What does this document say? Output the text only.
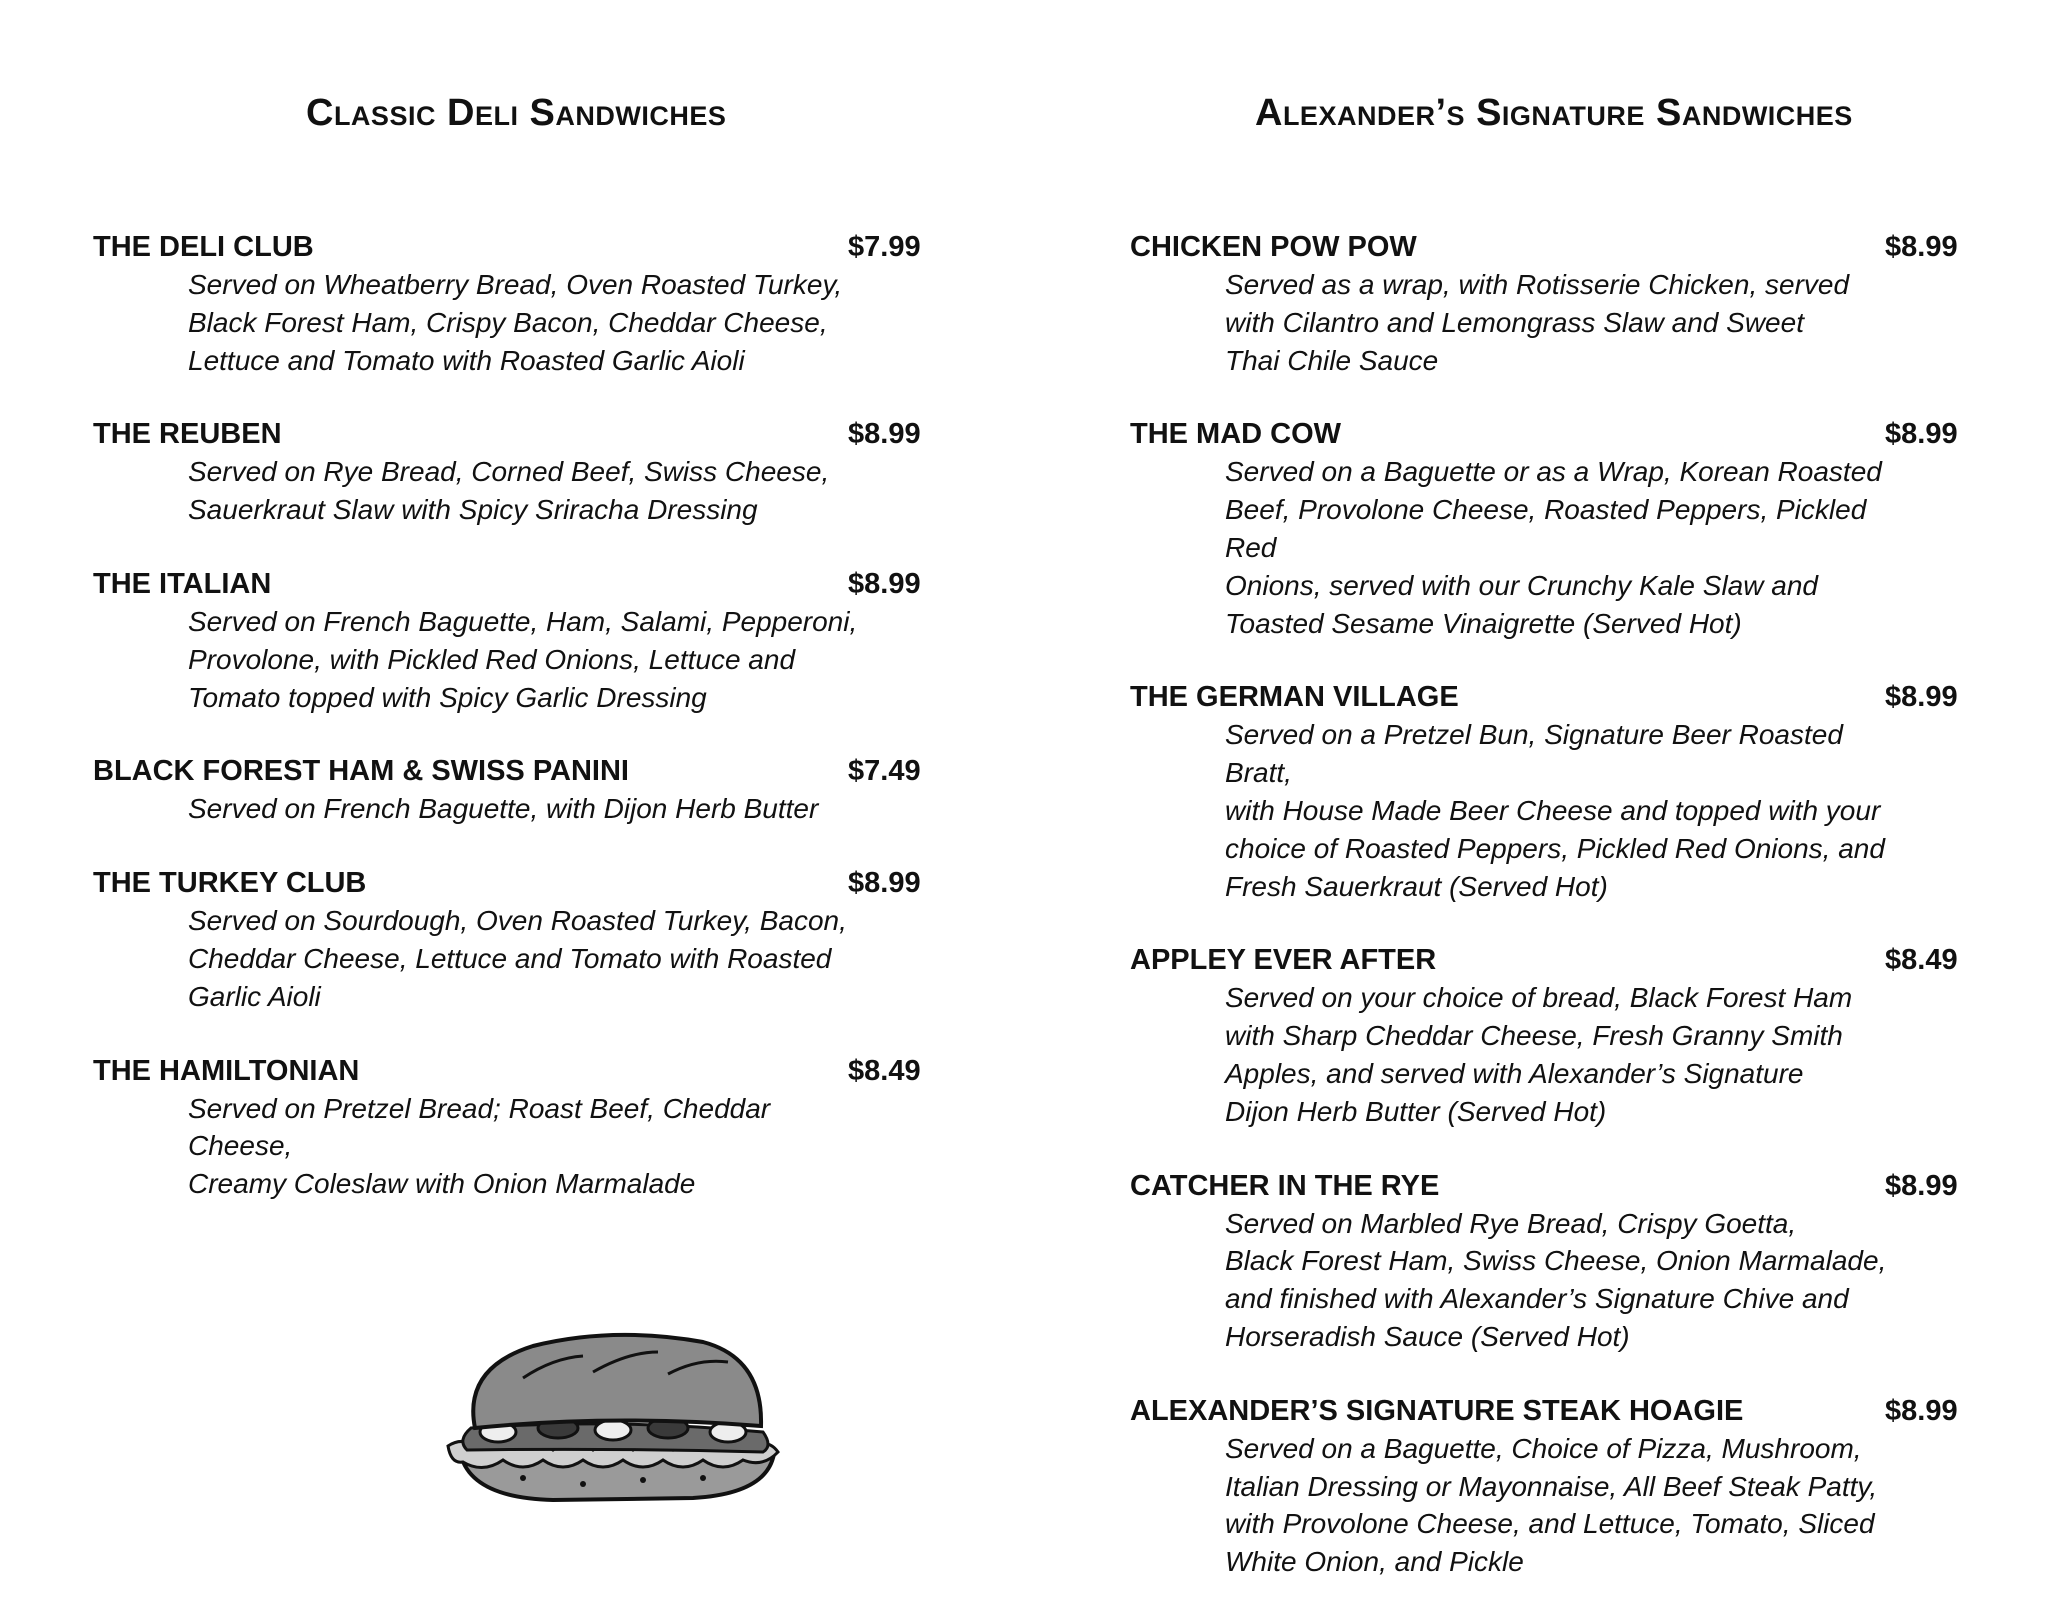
Classic Deli Sandwiches
THE DELI CLUB	$7.99
Served on Wheatberry Bread, Oven Roasted Turkey,
Black Forest Ham, Crispy Bacon, Cheddar Cheese,
Lettuce and Tomato with Roasted Garlic Aioli
THE REUBEN	$8.99
Served on Rye Bread, Corned Beef, Swiss Cheese,
Sauerkraut Slaw with Spicy Sriracha Dressing
THE ITALIAN	$8.99
Served on French Baguette, Ham, Salami, Pepperoni,
Provolone, with Pickled Red Onions, Lettuce and
Tomato topped with Spicy Garlic Dressing
BLACK FOREST HAM & SWISS PANINI	$7.49
Served on French Baguette, with Dijon Herb Butter
THE TURKEY CLUB	$8.99
Served on Sourdough, Oven Roasted Turkey, Bacon,
Cheddar Cheese, Lettuce and Tomato with Roasted
Garlic Aioli
THE HAMILTONIAN	$8.49
Served on Pretzel Bread; Roast Beef, Cheddar Cheese,
Creamy Coleslaw with Onion Marmalade
Alexander’s Signature Sandwiches
CHICKEN POW POW	$8.99
Served as a wrap, with Rotisserie Chicken, served
with Cilantro and Lemongrass Slaw and Sweet
Thai Chile Sauce
THE MAD COW	$8.99
Served on a Baguette or as a Wrap, Korean Roasted
Beef, Provolone Cheese, Roasted Peppers, Pickled Red
Onions, served with our Crunchy Kale Slaw and
Toasted Sesame Vinaigrette (Served Hot)
THE GERMAN VILLAGE	$8.99
Served on a Pretzel Bun, Signature Beer Roasted Bratt,
with House Made Beer Cheese and topped with your
choice of Roasted Peppers, Pickled Red Onions, and
Fresh Sauerkraut (Served Hot)
APPLEY EVER AFTER	$8.49
Served on your choice of bread, Black Forest Ham
with Sharp Cheddar Cheese, Fresh Granny Smith
Apples, and served with Alexander’s Signature
Dijon Herb Butter (Served Hot)
CATCHER IN THE RYE	$8.99
Served on Marbled Rye Bread, Crispy Goetta,
Black Forest Ham, Swiss Cheese, Onion Marmalade,
and finished with Alexander’s Signature Chive and
Horseradish Sauce (Served Hot)
ALEXANDER’S SIGNATURE STEAK HOAGIE	$8.99
Served on a Baguette, Choice of Pizza, Mushroom,
Italian Dressing or Mayonnaise, All Beef Steak Patty,
with Provolone Cheese, and Lettuce, Tomato, Sliced
White Onion, and Pickle
